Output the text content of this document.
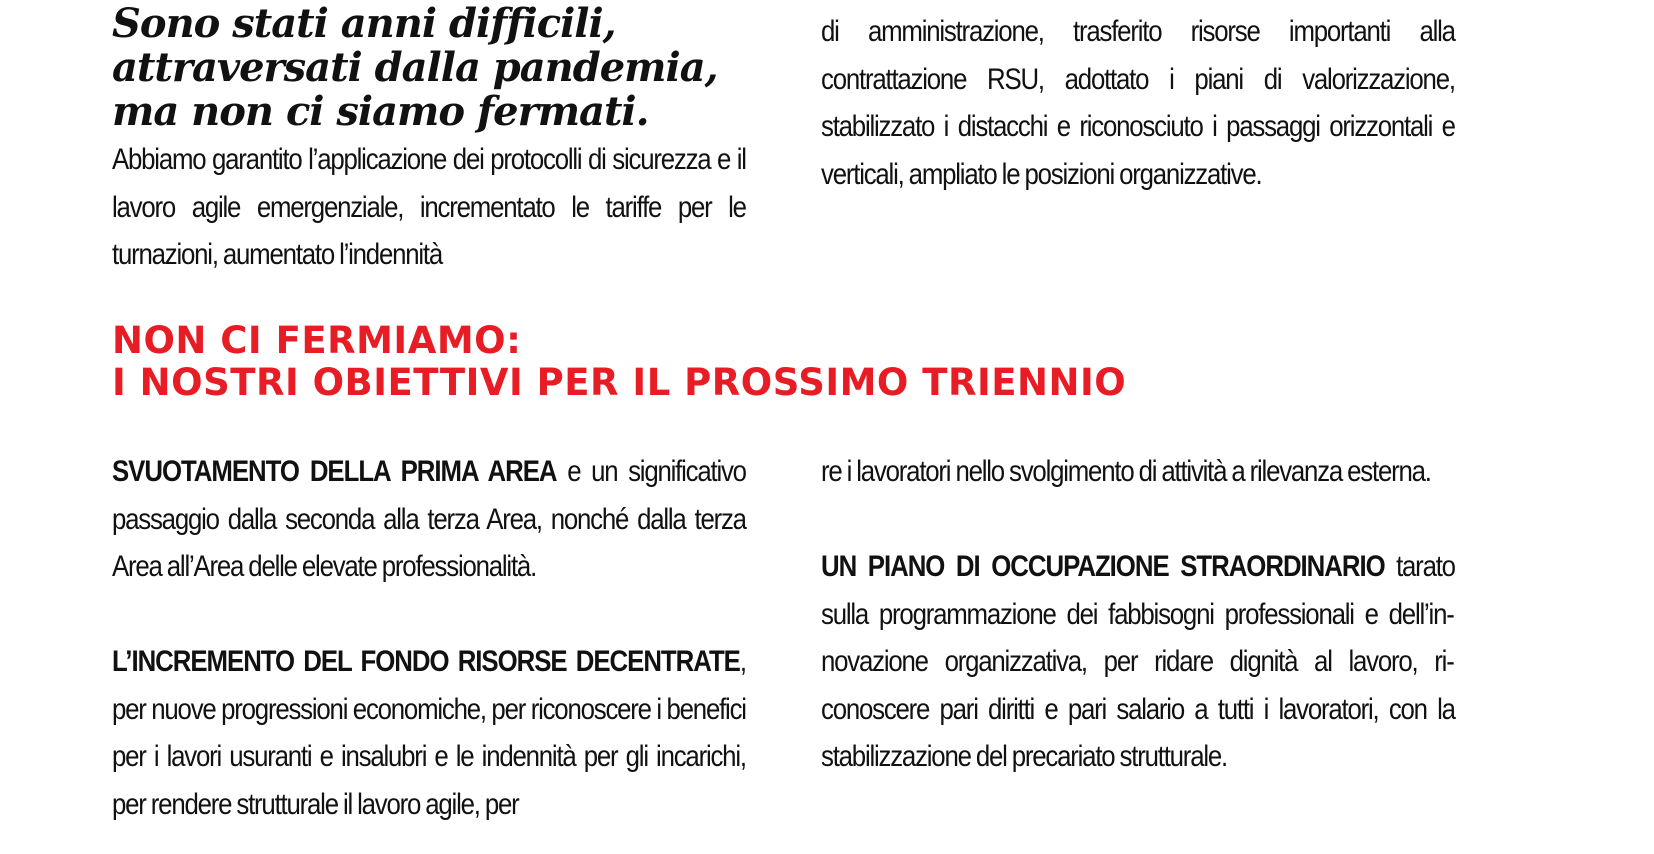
Sono stati anni difficili,
attraversati dalla pandemia,
ma non ci siamo fermati.

Abbiamo garantito l’applicazione dei protocolli di sicurezza e il lavoro agile emergenziale, incrementato le tariffe per le turnazioni, aumentato l’indennità

di amministrazione, trasferito risorse importanti alla contrattazione RSU, adottato i piani di valorizzazione, stabilizzato i distacchi e riconosciuto i passaggi orizzontali e verticali, ampliato le posizioni organizzative.

NON CI FERMIAMO:
I NOSTRI OBIETTIVI PER IL PROSSIMO TRIENNIO

SVUOTAMENTO DELLA PRIMA AREA e un significativo passaggio dalla seconda alla terza Area, nonché dalla terza Area all’Area delle elevate professionalità.

L’INCREMENTO DEL FONDO RISORSE DECENTRATE, per nuove progressioni economiche, per riconoscere i benefici per i lavori usuranti e insalubri e le indennità per gli incarichi, per rendere strutturale il lavoro agile, per

re i lavoratori nello svolgimento di attività a rilevanza esterna.

UN PIANO DI OCCUPAZIONE STRAORDINARIO tarato sulla programmazione dei fabbisogni professionali e dell’innovazione organizzativa, per ridare dignità al lavoro, riconoscere pari diritti e pari salario a tutti i lavoratori, con la stabilizzazione del precariato strutturale.
